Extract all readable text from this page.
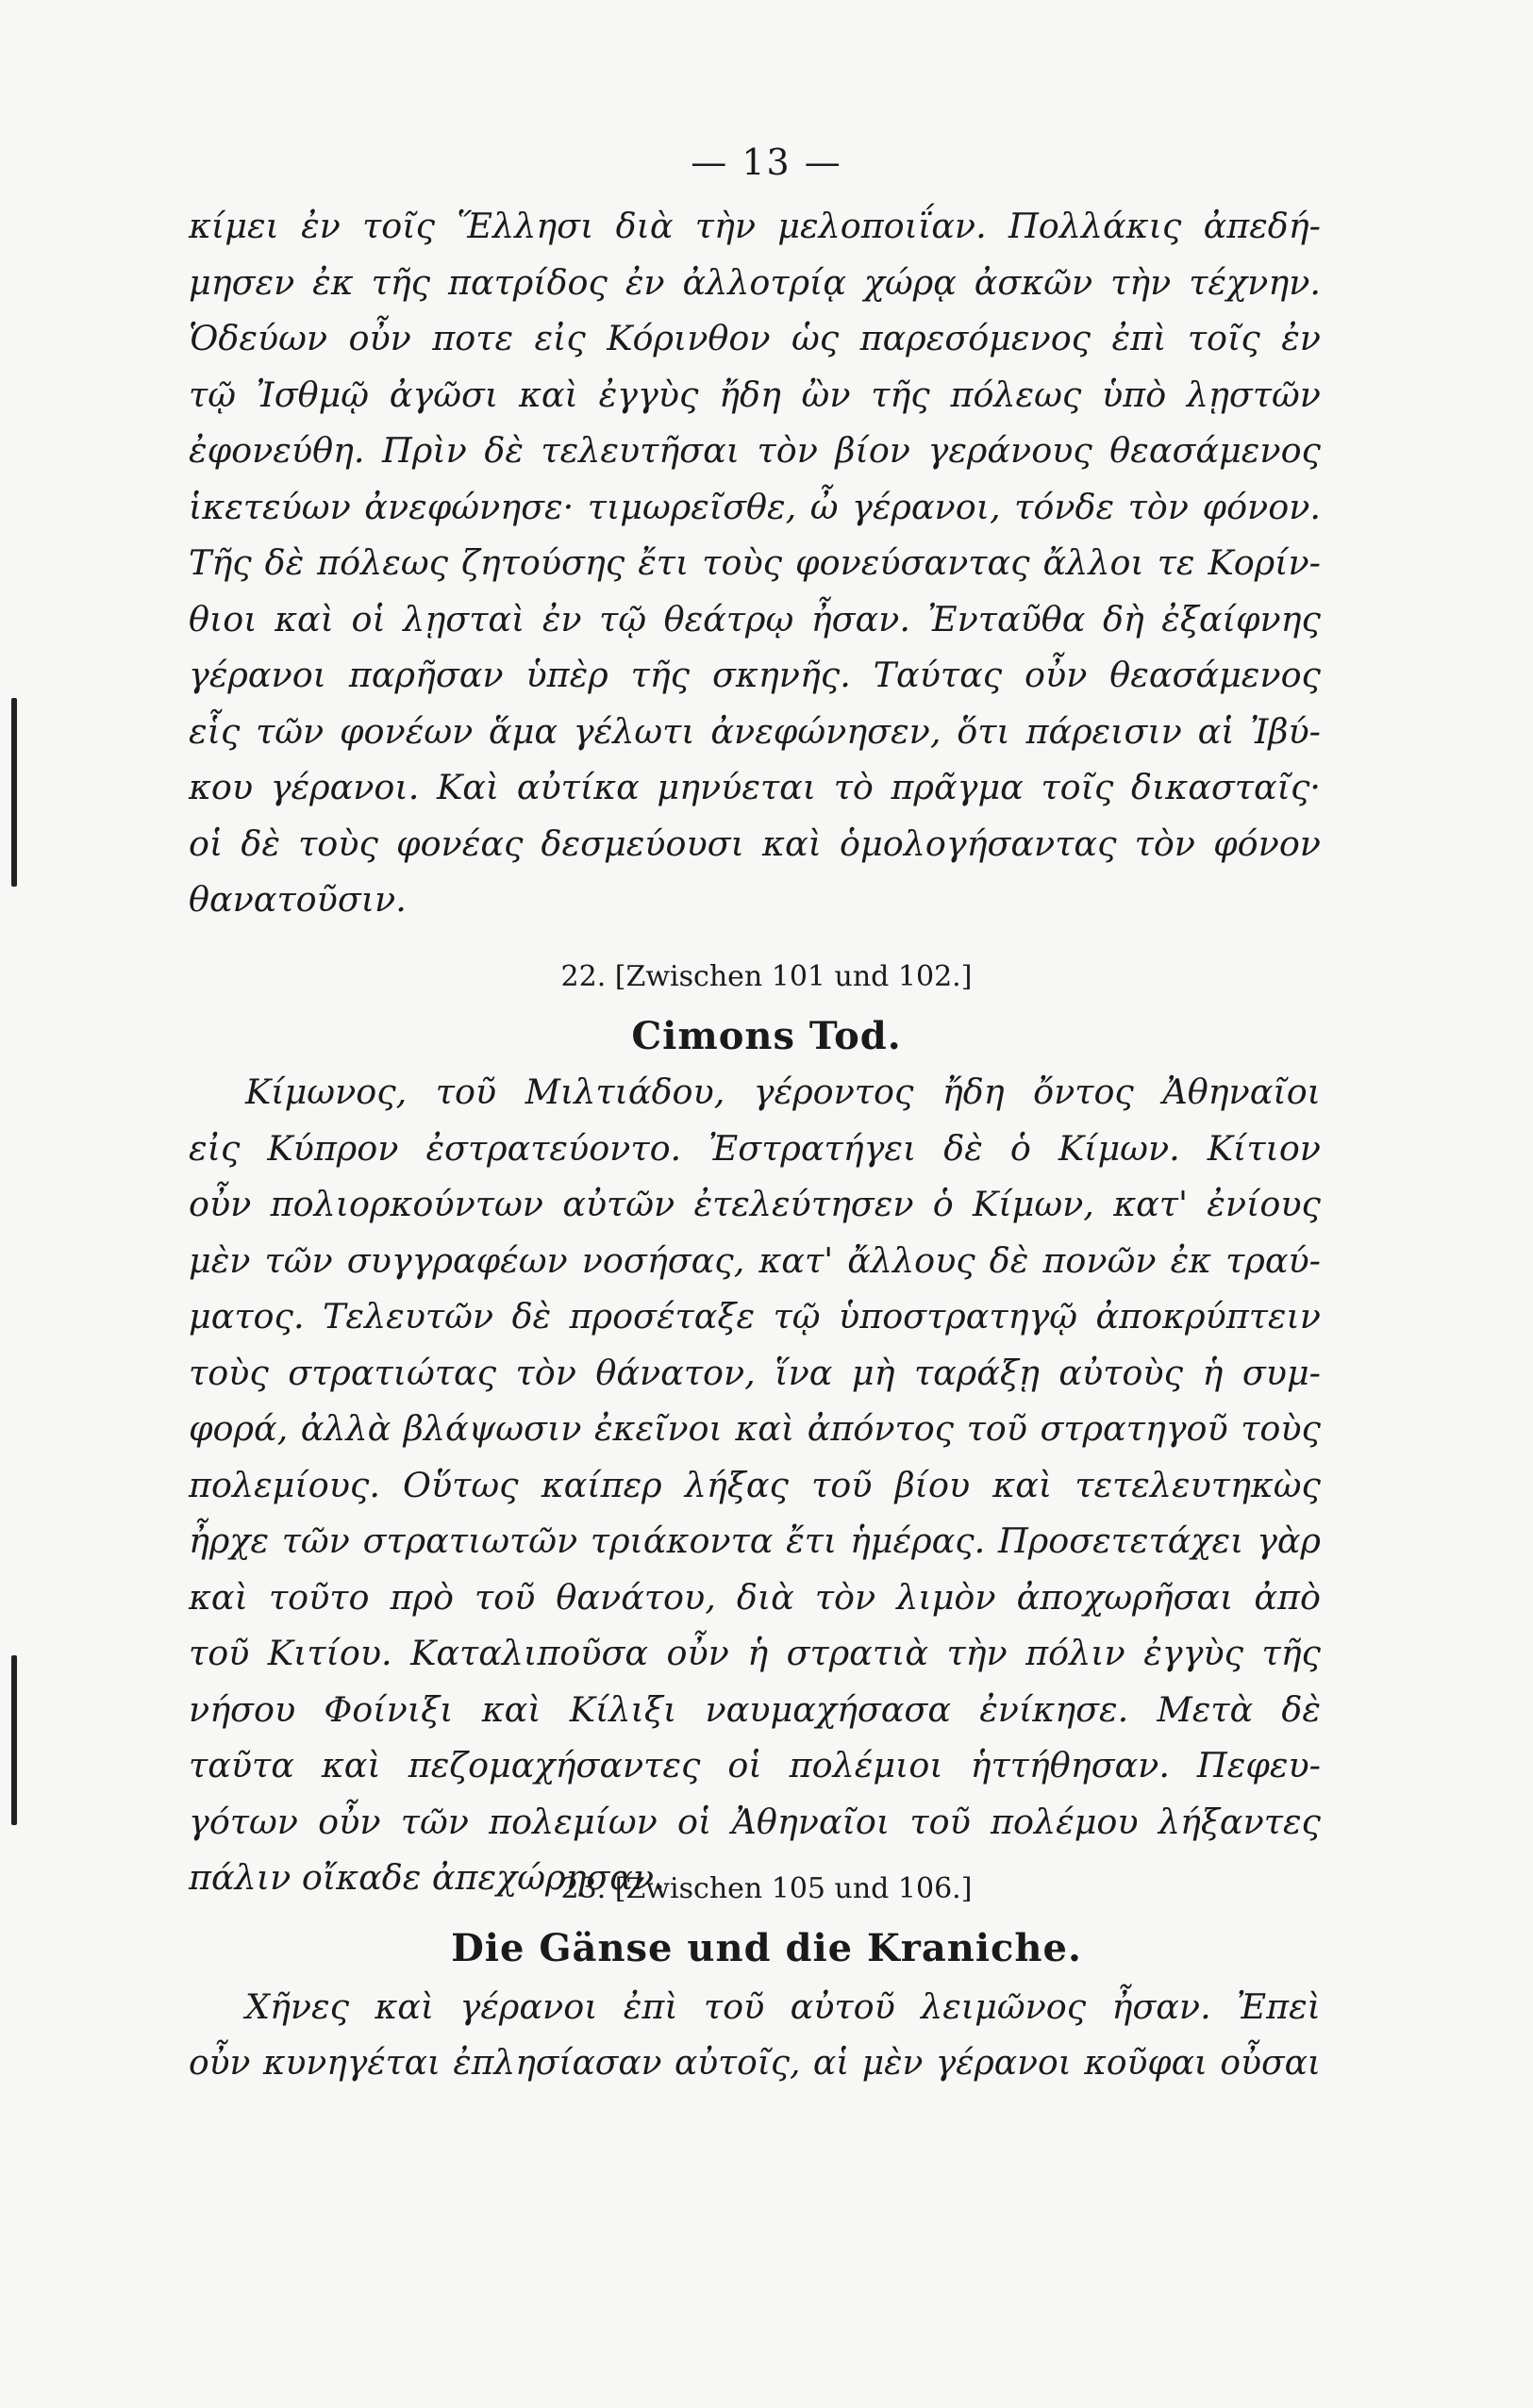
— 13 —
κίμει ἐν τοῖς Ἕλλησι διὰ τὴν μελοποιΐαν. Πολλάκις ἀπεδή-
μησεν ἐκ τῆς πατρίδος ἐν ἀλλοτρίᾳ χώρᾳ ἀσκῶν τὴν τέχνην.
Ὁδεύων οὖν ποτε εἰς Κόρινθον ὡς παρεσόμενος ἐπὶ τοῖς ἐν
τῷ Ἰσθμῷ ἀγῶσι καὶ ἐγγὺς ἤδη ὢν τῆς πόλεως ὑπὸ λῃστῶν
ἐφονεύθη. Πρὶν δὲ τελευτῆσαι τὸν βίον γεράνους θεασάμενος
ἱκετεύων ἀνεφώνησε· τιμωρεῖσθε, ὦ γέρανοι, τόνδε τὸν φόνον.
Τῆς δὲ πόλεως ζητούσης ἔτι τοὺς φονεύσαντας ἄλλοι τε Κορίν-
θιοι καὶ οἱ λῃσταὶ ἐν τῷ θεάτρῳ ἦσαν. Ἐνταῦθα δὴ ἐξαίφνης
γέρανοι παρῆσαν ὑπὲρ τῆς σκηνῆς. Ταύτας οὖν θεασάμενος
εἷς τῶν φονέων ἅμα γέλωτι ἀνεφώνησεν, ὅτι πάρεισιν αἱ Ἰβύ-
κου γέρανοι. Καὶ αὐτίκα μηνύεται τὸ πρᾶγμα τοῖς δικασταῖς·
οἱ δὲ τοὺς φονέας δεσμεύουσι καὶ ὁμολογήσαντας τὸν φόνον
θανατοῦσιν.
22. [Zwischen 101 und 102.]
Cimons Tod.
Κίμωνος, τοῦ Μιλτιάδου, γέροντος ἤδη ὄντος Ἀθηναῖοι
εἰς Κύπρον ἐστρατεύοντο. Ἐστρατήγει δὲ ὁ Κίμων. Κίτιον
οὖν πολιορκούντων αὐτῶν ἐτελεύτησεν ὁ Κίμων, κατ' ἐνίους
μὲν τῶν συγγραφέων νοσήσας, κατ' ἄλλους δὲ πονῶν ἐκ τραύ-
ματος. Τελευτῶν δὲ προσέταξε τῷ ὑποστρατηγῷ ἀποκρύπτειν
τοὺς στρατιώτας τὸν θάνατον, ἵνα μὴ ταράξῃ αὐτοὺς ἡ συμ-
φορά, ἀλλὰ βλάψωσιν ἐκεῖνοι καὶ ἀπόντος τοῦ στρατηγοῦ τοὺς
πολεμίους. Οὕτως καίπερ λήξας τοῦ βίου καὶ τετελευτηκὼς
ἦρχε τῶν στρατιωτῶν τριάκοντα ἔτι ἡμέρας. Προσετετάχει γὰρ
καὶ τοῦτο πρὸ τοῦ θανάτου, διὰ τὸν λιμὸν ἀποχωρῆσαι ἀπὸ
τοῦ Κιτίου. Καταλιποῦσα οὖν ἡ στρατιὰ τὴν πόλιν ἐγγὺς τῆς
νήσου Φοίνιξι καὶ Κίλιξι ναυμαχήσασα ἐνίκησε. Μετὰ δὲ
ταῦτα καὶ πεζομαχήσαντες οἱ πολέμιοι ἡττήθησαν. Πεφευ-
γότων οὖν τῶν πολεμίων οἱ Ἀθηναῖοι τοῦ πολέμου λήξαντες
πάλιν οἴκαδε ἀπεχώρησαν.
23. [Zwischen 105 und 106.]
Die Gänse und die Kraniche.
Χῆνες καὶ γέρανοι ἐπὶ τοῦ αὐτοῦ λειμῶνος ἦσαν. Ἐπεὶ
οὖν κυνηγέται ἐπλησίασαν αὐτοῖς, αἱ μὲν γέρανοι κοῦφαι οὖσαι
